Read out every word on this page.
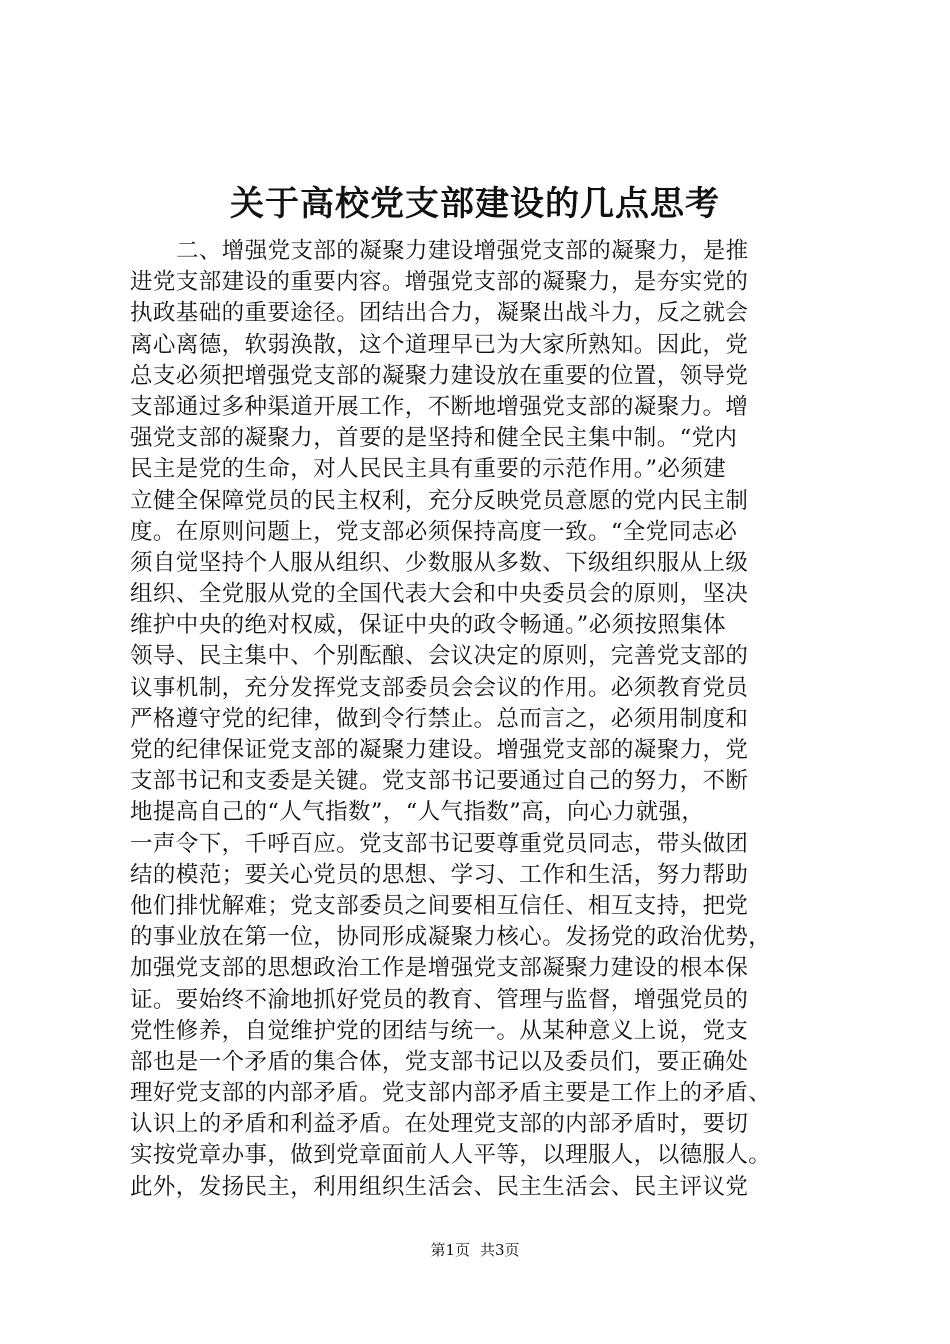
关于高校党支部建设的几点思考
二、增强党支部的凝聚力建设增强党支部的凝聚力，是推
进党支部建设的重要内容。增强党支部的凝聚力，是夯实党的
执政基础的重要途径。团结出合力，凝聚出战斗力，反之就会
离心离德，软弱涣散，这个道理早已为大家所熟知。因此，党
总支必须把增强党支部的凝聚力建设放在重要的位置，领导党
支部通过多种渠道开展工作，不断地增强党支部的凝聚力。增
强党支部的凝聚力，首要的是坚持和健全民主集中制。“党内
民主是党的生命，对人民民主具有重要的示范作用。”必须建
立健全保障党员的民主权利，充分反映党员意愿的党内民主制
度。在原则问题上，党支部必须保持高度一致。“全党同志必
须自觉坚持个人服从组织、少数服从多数、下级组织服从上级
组织、全党服从党的全国代表大会和中央委员会的原则，坚决
维护中央的绝对权威，保证中央的政令畅通。”必须按照集体
领导、民主集中、个别酝酿、会议决定的原则，完善党支部的
议事机制，充分发挥党支部委员会会议的作用。必须教育党员
严格遵守党的纪律，做到令行禁止。总而言之，必须用制度和
党的纪律保证党支部的凝聚力建设。增强党支部的凝聚力，党
支部书记和支委是关键。党支部书记要通过自己的努力，不断
地提高自己的“人气指数”，“人气指数”高，向心力就强，
一声令下，千呼百应。党支部书记要尊重党员同志，带头做团
结的模范；要关心党员的思想、学习、工作和生活，努力帮助
他们排忧解难；党支部委员之间要相互信任、相互支持，把党
的事业放在第一位，协同形成凝聚力核心。发扬党的政治优势，
加强党支部的思想政治工作是增强党支部凝聚力建设的根本保
证。要始终不渝地抓好党员的教育、管理与监督，增强党员的
党性修养，自觉维护党的团结与统一。从某种意义上说，党支
部也是一个矛盾的集合体，党支部书记以及委员们，要正确处
理好党支部的内部矛盾。党支部内部矛盾主要是工作上的矛盾、
认识上的矛盾和利益矛盾。在处理党支部的内部矛盾时，要切
实按党章办事，做到党章面前人人平等，以理服人，以德服人。
此外，发扬民主，利用组织生活会、民主生活会、民主评议党
第1页 共3页
